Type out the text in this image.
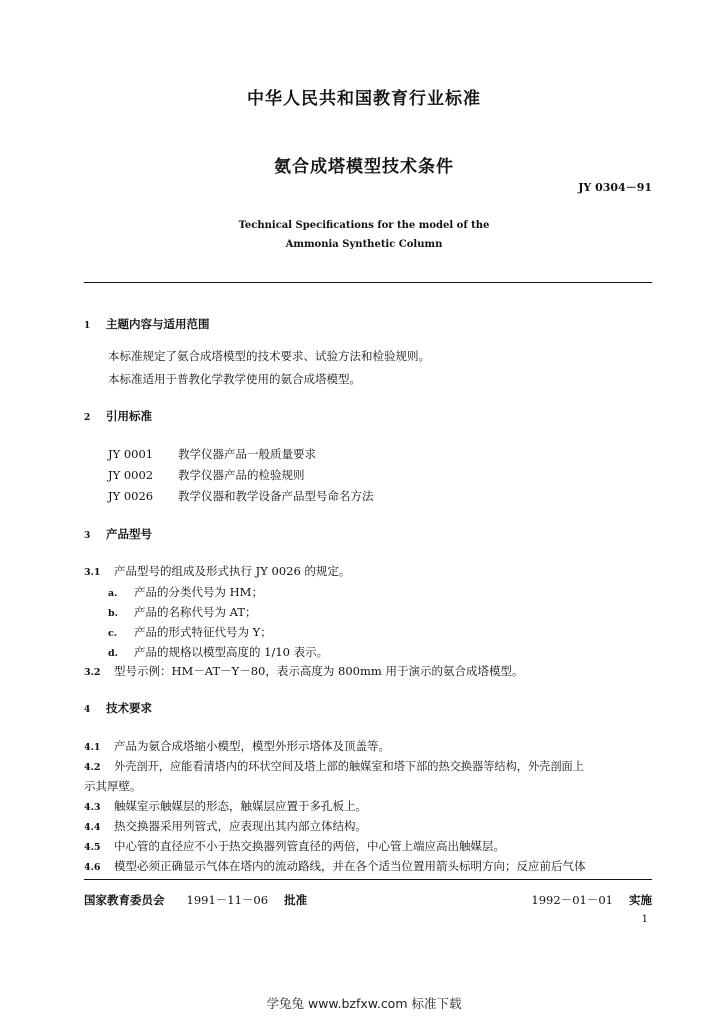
中华人民共和国教育行业标准
氨合成塔模型技术条件
JY 0304－91
Technical Specifications for the model of the
Ammonia Synthetic Column
1 主题内容与适用范围
本标准规定了氨合成塔模型的技术要求、试验方法和检验规则。
本标准适用于普教化学教学使用的氨合成塔模型。
2 引用标准
JY 0001 教学仪器产品一般质量要求
JY 0002 教学仪器产品的检验规则
JY 0026 教学仪器和教学设备产品型号命名方法
3 产品型号
3.1 产品型号的组成及形式执行 JY 0026 的规定。
a. 产品的分类代号为 HM；
b. 产品的名称代号为 AT；
c. 产品的形式特征代号为 Y；
d. 产品的规格以模型高度的 1/10 表示。
3.2 型号示例：HM－AT－Y－80，表示高度为 800mm 用于演示的氨合成塔模型。
4 技术要求
4.1 产品为氨合成塔缩小模型，模型外形示塔体及顶盖等。
4.2 外壳剖开，应能看清塔内的环状空间及塔上部的触媒室和塔下部的热交换器等结构，外壳剖面上
示其厚壁。
4.3 触媒室示触媒层的形态，触媒层应置于多孔板上。
4.4 热交换器采用列管式，应表现出其内部立体结构。
4.5 中心管的直径应不小于热交换器列管直径的两倍，中心管上端应高出触媒层。
4.6 模型必须正确显示气体在塔内的流动路线，并在各个适当位置用箭头标明方向；反应前后气体
国家教育委员会 1991－11－06 批准	1992－01－01 实施
1
学兔兔 www.bzfxw.com 标准下载
